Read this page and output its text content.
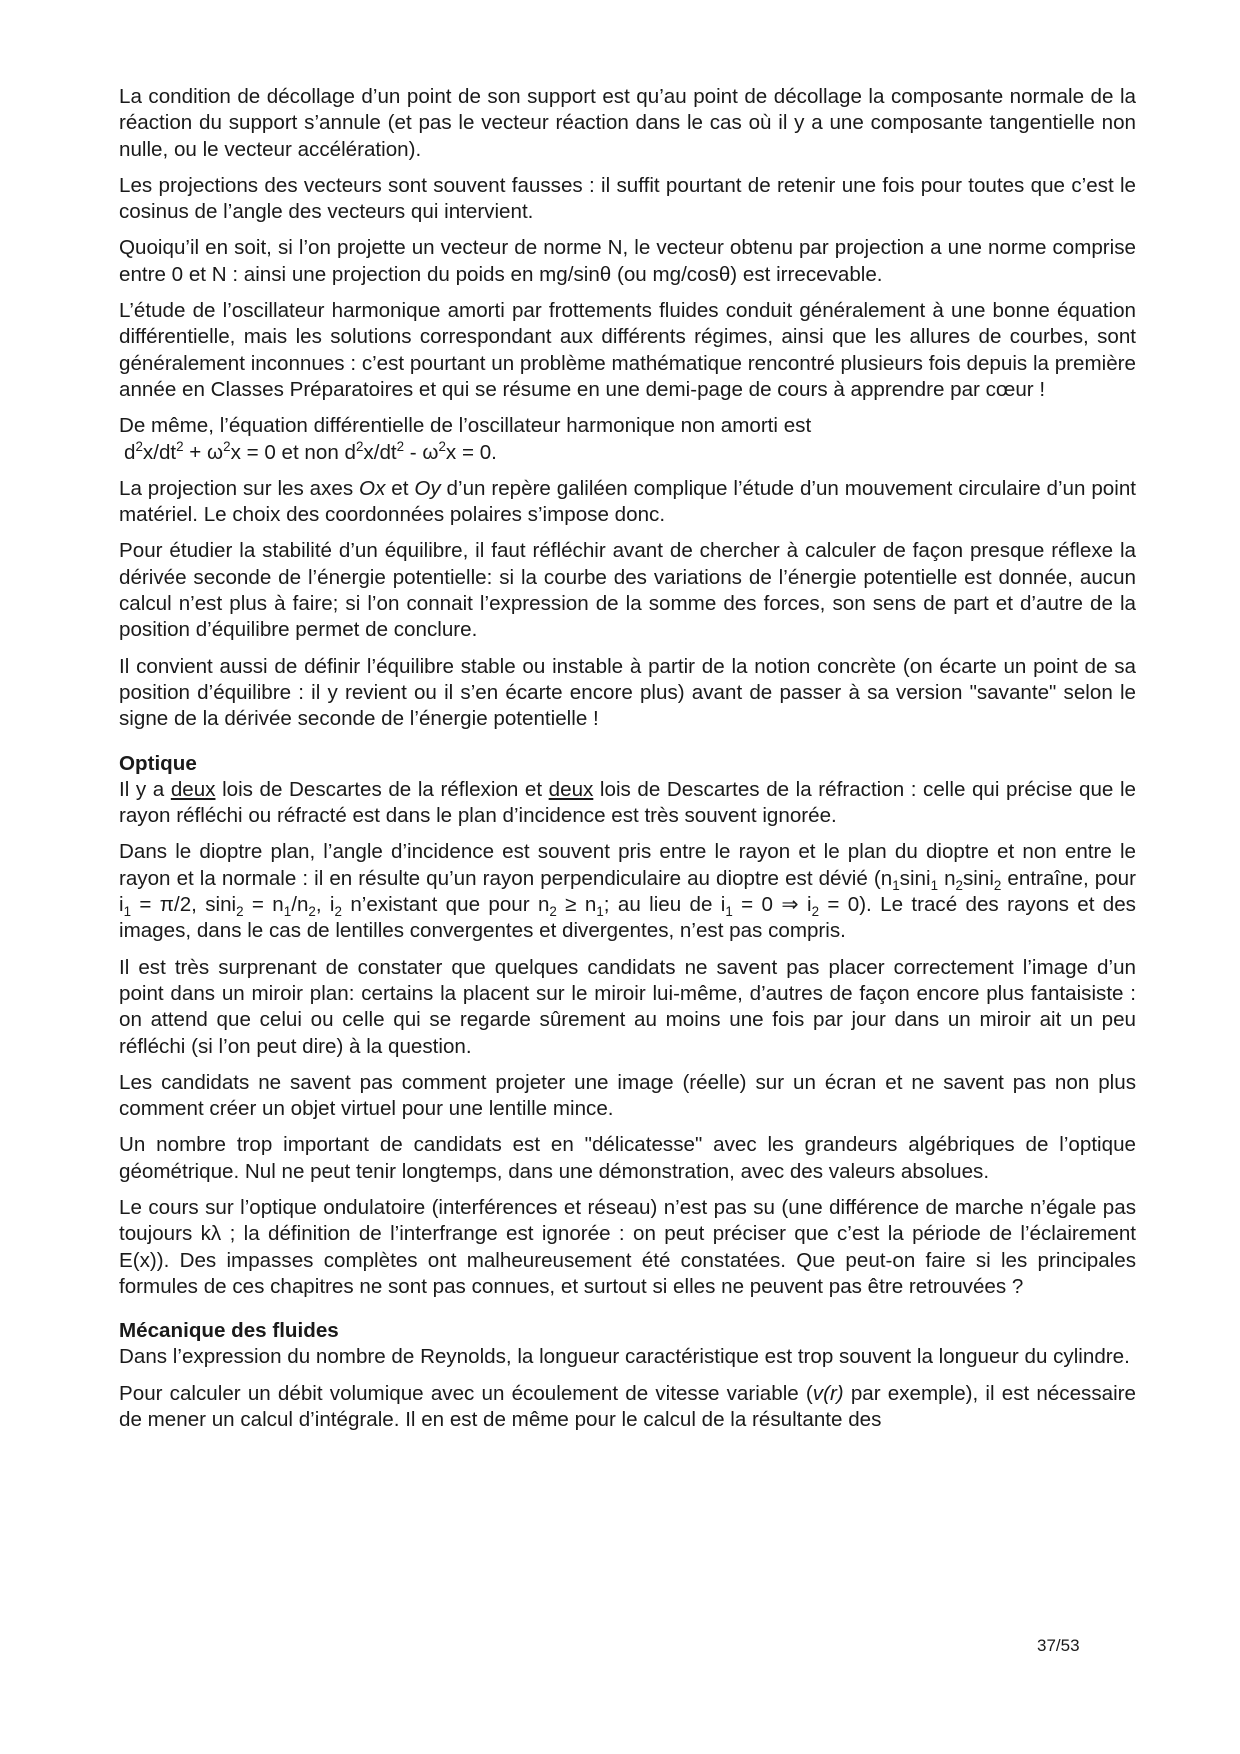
La condition de décollage d’un point de son support est qu’au point de décollage la composante normale de la réaction du support s’annule (et pas le vecteur réaction dans le cas où il y a une composante tangentielle non nulle, ou le vecteur accélération).

Les projections des vecteurs sont souvent fausses : il suffit pourtant de retenir une fois pour toutes que c’est le cosinus de l’angle des vecteurs qui intervient.

Quoiqu’il en soit, si l’on projette un vecteur de norme N, le vecteur obtenu par projection a une norme comprise entre 0 et N : ainsi une projection du poids en mg/sinθ (ou mg/cosθ) est irrecevable.

L’étude de l’oscillateur harmonique amorti par frottements fluides conduit généralement à une bonne équation différentielle, mais les solutions correspondant aux différents régimes, ainsi que les allures de courbes, sont généralement inconnues : c’est pourtant un problème mathématique rencontré plusieurs fois depuis la première année en Classes Préparatoires et qui se résume en une demi-page de cours à apprendre par cœur !

De même, l’équation différentielle de l’oscillateur harmonique non amorti est

$d^2x/dt^2 + \omega^2x = 0$ et non $d^2x/dt^2 - \omega^2x = 0$.

La projection sur les axes Ox et Oy d’un repère galiléen complique l’étude d’un mouvement circulaire d’un point matériel. Le choix des coordonnées polaires s’impose donc.

Pour étudier la stabilité d’un équilibre, il faut réfléchir avant de chercher à calculer de façon presque réflexe la dérivée seconde de l’énergie potentielle: si la courbe des variations de l’énergie potentielle est donnée, aucun calcul n’est plus à faire; si l’on connait l’expression de la somme des forces, son sens de part et d’autre de la position d’équilibre permet de conclure.

Il convient aussi de définir l’équilibre stable ou instable à partir de la notion concrète (on écarte un point de sa position d’équilibre : il y revient ou il s’en écarte encore plus) avant de passer à sa version "savante" selon le signe de la dérivée seconde de l’énergie potentielle !

Optique

Il y a deux lois de Descartes de la réflexion et deux lois de Descartes de la réfraction : celle qui précise que le rayon réfléchi ou réfracté est dans le plan d’incidence est très souvent ignorée.

Dans le dioptre plan, l’angle d’incidence est souvent pris entre le rayon et le plan du dioptre et non entre le rayon et la normale : il en résulte qu’un rayon perpendiculaire au dioptre est dévié ($n_1\sin i_1$ $n_2\sin i_2$ entraîne, pour $i_1 = \pi/2$, $\sin i_2 = n_1/n_2$, $i_2$ n’existant que pour $n_2 \ge n_1$; au lieu de $i_1 = 0$ ⇒ $i_2 = 0$). Le tracé des rayons et des images, dans le cas de lentilles convergentes et divergentes, n’est pas compris.

Il est très surprenant de constater que quelques candidats ne savent pas placer correctement l’image d’un point dans un miroir plan: certains la placent sur le miroir lui-même, d’autres de façon encore plus fantaisiste : on attend que celui ou celle qui se regarde sûrement au moins une fois par jour dans un miroir ait un peu réfléchi (si l’on peut dire) à la question.

Les candidats ne savent pas comment projeter une image (réelle) sur un écran et ne savent pas non plus comment créer un objet virtuel pour une lentille mince.

Un nombre trop important de candidats est en "délicatesse" avec les grandeurs algébriques de l’optique géométrique. Nul ne peut tenir longtemps, dans une démonstration, avec des valeurs absolues.

Le cours sur l’optique ondulatoire (interférences et réseau) n’est pas su (une différence de marche n’égale pas toujours kλ ; la définition de l’interfrange est ignorée : on peut préciser que c’est la période de l’éclairement E(x)). Des impasses complètes ont malheureusement été constatées. Que peut-on faire si les principales formules de ces chapitres ne sont pas connues, et surtout si elles ne peuvent pas être retrouvées ?

Mécanique des fluides

Dans l’expression du nombre de Reynolds, la longueur caractéristique est trop souvent la longueur du cylindre.

Pour calculer un débit volumique avec un écoulement de vitesse variable (v(r) par exemple), il est nécessaire de mener un calcul d’intégrale. Il en est de même pour le calcul de la résultante des

37/53
